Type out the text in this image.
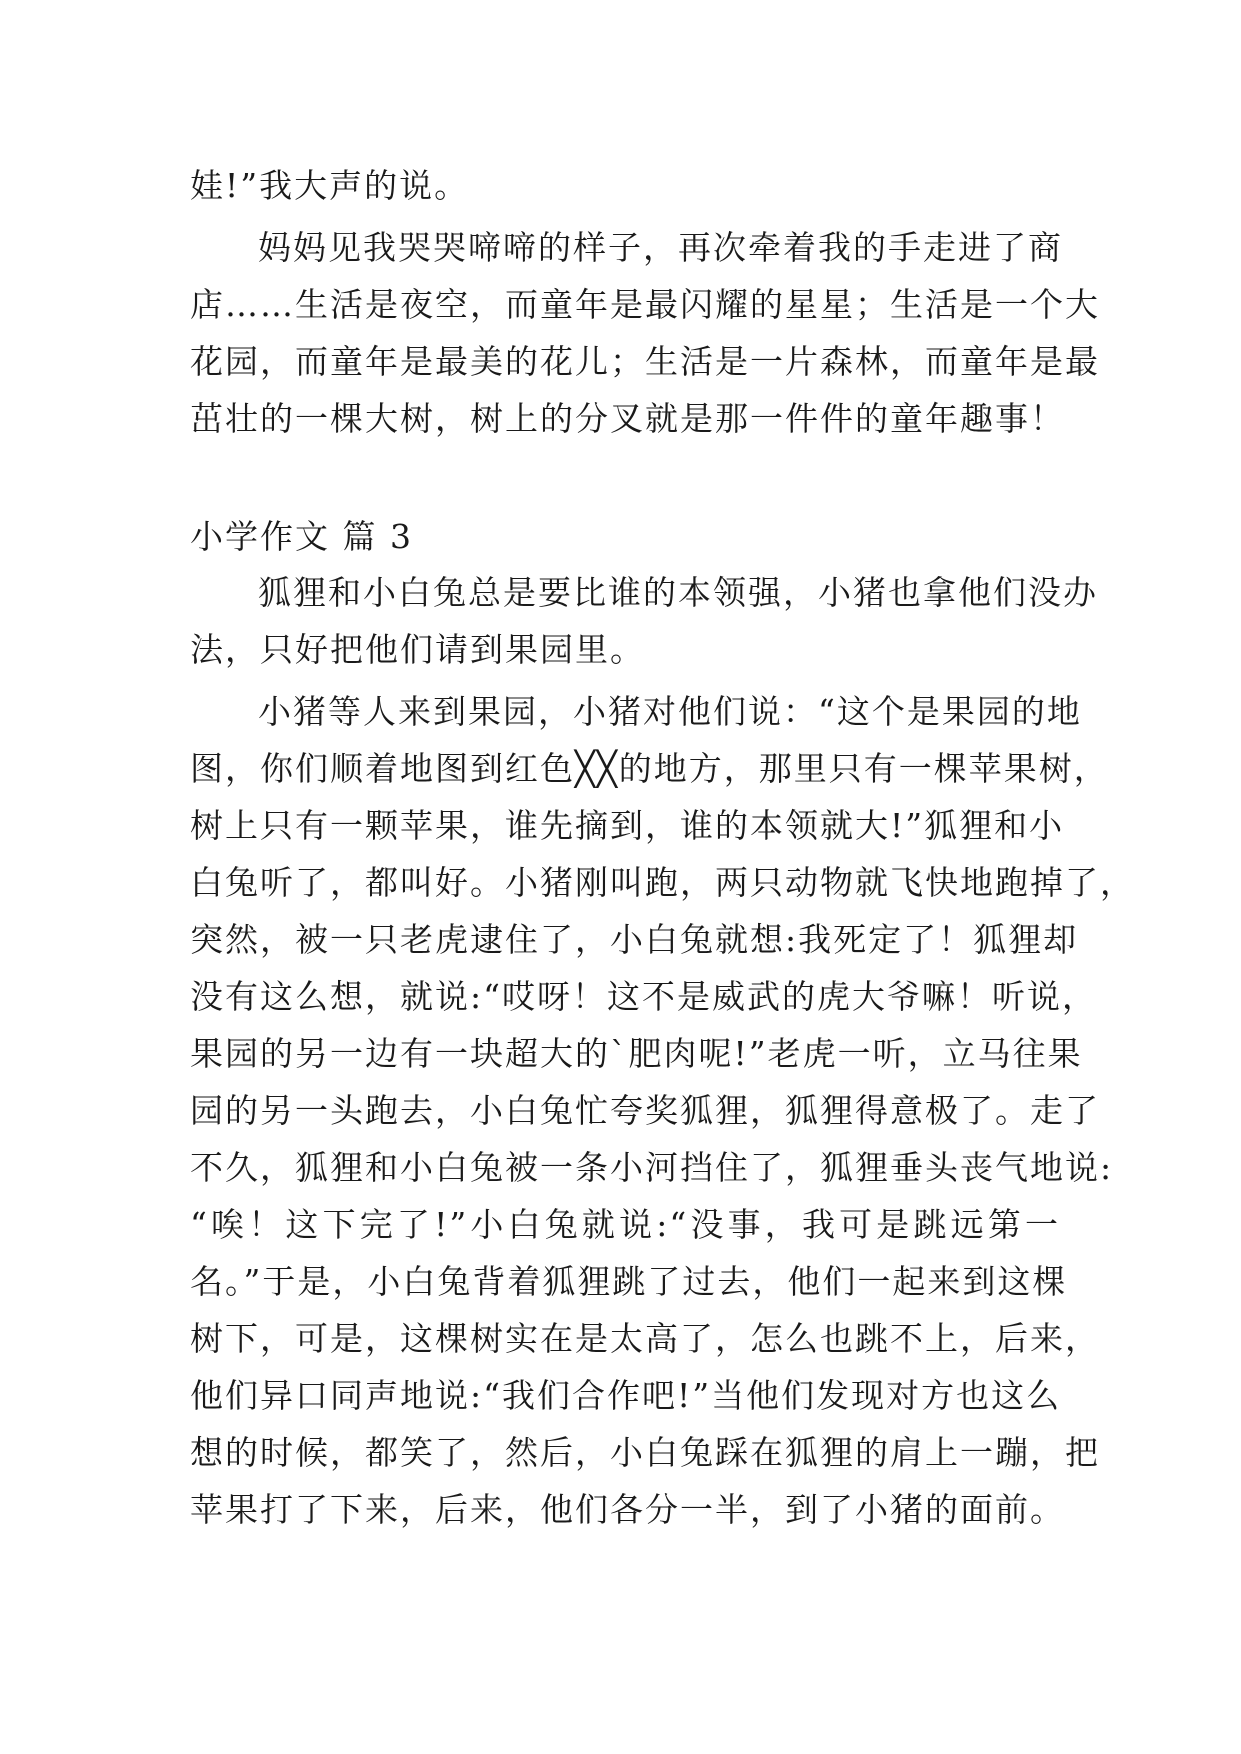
娃!”我大声的说。
妈妈见我哭哭啼啼的样子，再次牵着我的手走进了商
店……生活是夜空，而童年是最闪耀的星星；生活是一个大
花园，而童年是最美的花儿；生活是一片森林，而童年是最
茁壮的一棵大树，树上的分叉就是那一件件的童年趣事！
小学作文 篇 3
狐狸和小白兔总是要比谁的本领强，小猪也拿他们没办
法，只好把他们请到果园里。
小猪等人来到果园，小猪对他们说：“这个是果园的地
图，你们顺着地图到红色╳╳的地方，那里只有一棵苹果树，
树上只有一颗苹果，谁先摘到，谁的本领就大!”狐狸和小
白兔听了，都叫好。小猪刚叫跑，两只动物就飞快地跑掉了，
突然，被一只老虎逮住了，小白兔就想:我死定了！狐狸却
没有这么想，就说:“哎呀！这不是威武的虎大爷嘛！听说，
果园的另一边有一块超大的`肥肉呢!”老虎一听，立马往果
园的另一头跑去，小白兔忙夸奖狐狸，狐狸得意极了。走了
不久，狐狸和小白兔被一条小河挡住了，狐狸垂头丧气地说:
“唉！这下完了!”小白兔就说:“没事，我可是跳远第一
名。”于是，小白兔背着狐狸跳了过去，他们一起来到这棵
树下，可是，这棵树实在是太高了，怎么也跳不上，后来，
他们异口同声地说:“我们合作吧!”当他们发现对方也这么
想的时候，都笑了，然后，小白兔踩在狐狸的肩上一蹦，把
苹果打了下来，后来，他们各分一半，到了小猪的面前。
